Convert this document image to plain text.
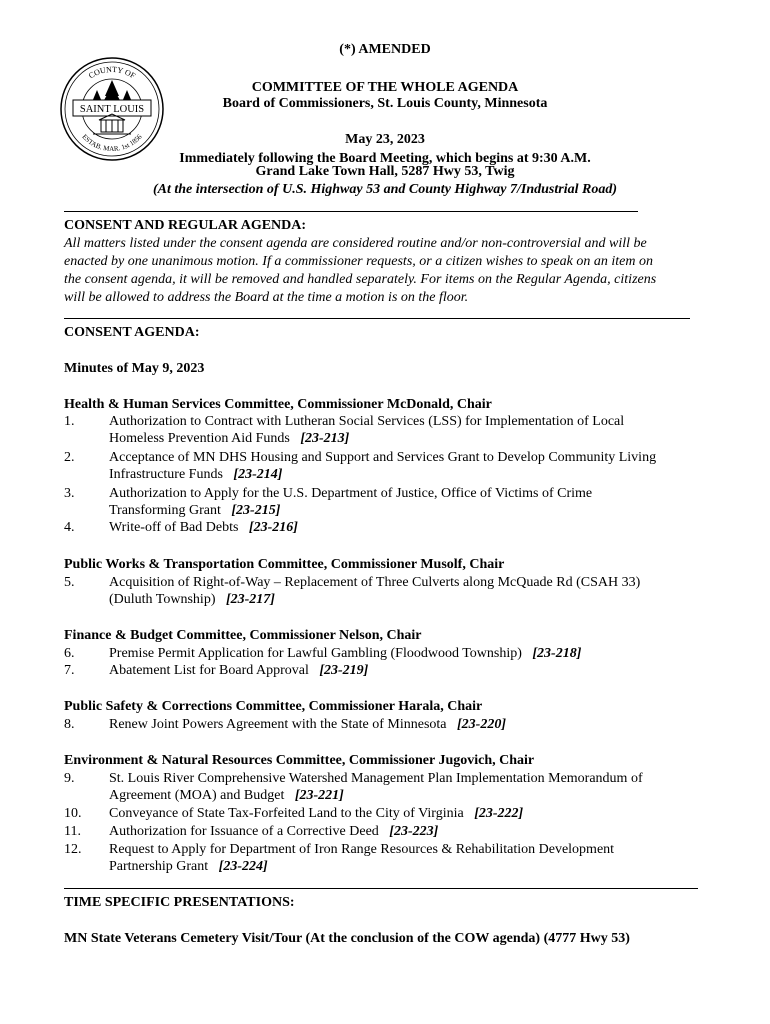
COUNTY OF
SAINT LOUIS
ESTAB. MAR. 1st 1856
(*) AMENDED
COMMITTEE OF THE WHOLE AGENDA
Board of Commissioners, St. Louis County, Minnesota
May 23, 2023
Immediately following the Board Meeting, which begins at 9:30 A.M.
Grand Lake Town Hall, 5287 Hwy 53, Twig
(At the intersection of U.S. Highway 53 and County Highway 7/Industrial Road)
CONSENT AND REGULAR AGENDA:
All matters listed under the consent agenda are considered routine and/or non-controversial and will be
enacted by one unanimous motion. If a commissioner requests, or a citizen wishes to speak on an item on
the consent agenda, it will be removed and handled separately. For items on the Regular Agenda, citizens
will be allowed to address the Board at the time a motion is on the floor.
CONSENT AGENDA:
Minutes of May 9, 2023
Health & Human Services Committee, Commissioner McDonald, Chair
1.	Authorization to Contract with Lutheran Social Services (LSS) for Implementation of Local
Homeless Prevention Aid Funds [23-213]
2.	Acceptance of MN DHS Housing and Support and Services Grant to Develop Community Living
Infrastructure Funds [23-214]
3.	Authorization to Apply for the U.S. Department of Justice, Office of Victims of Crime
Transforming Grant [23-215]
4.	Write-off of Bad Debts [23-216]
Public Works & Transportation Committee, Commissioner Musolf, Chair
5.	Acquisition of Right-of-Way – Replacement of Three Culverts along McQuade Rd (CSAH 33)
(Duluth Township) [23-217]
Finance & Budget Committee, Commissioner Nelson, Chair
6.	Premise Permit Application for Lawful Gambling (Floodwood Township) [23-218]
7.	Abatement List for Board Approval [23-219]
Public Safety & Corrections Committee, Commissioner Harala, Chair
8.	Renew Joint Powers Agreement with the State of Minnesota [23-220]
Environment & Natural Resources Committee, Commissioner Jugovich, Chair
9.	St. Louis River Comprehensive Watershed Management Plan Implementation Memorandum of
Agreement (MOA) and Budget [23-221]
10.	Conveyance of State Tax-Forfeited Land to the City of Virginia [23-222]
11.	Authorization for Issuance of a Corrective Deed [23-223]
12.	Request to Apply for Department of Iron Range Resources & Rehabilitation Development
Partnership Grant [23-224]
TIME SPECIFIC PRESENTATIONS:
MN State Veterans Cemetery Visit/Tour (At the conclusion of the COW agenda) (4777 Hwy 53)
